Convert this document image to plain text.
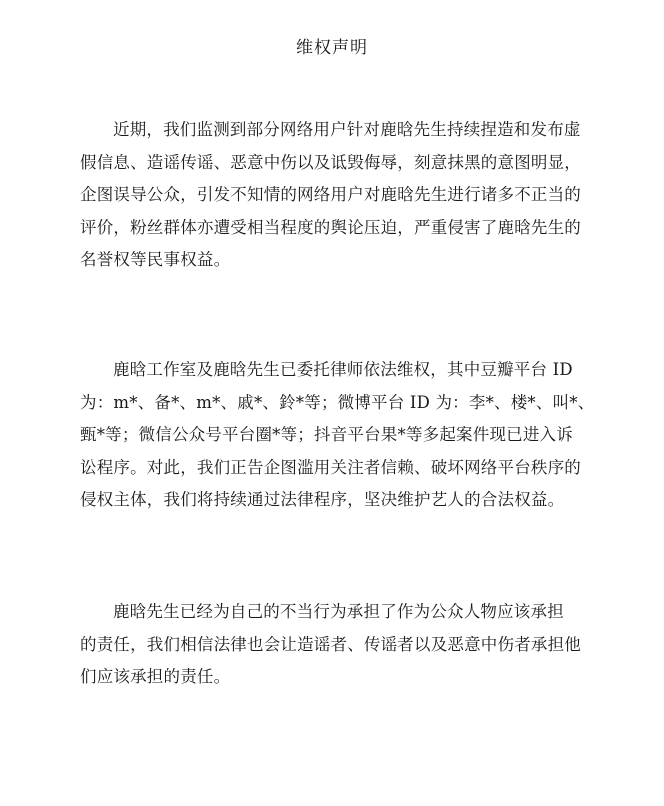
维权声明
近期，我们监测到部分网络用户针对鹿晗先生持续捏造和发布虚
假信息、造谣传谣、恶意中伤以及诋毁侮辱，刻意抹黑的意图明显，
企图误导公众，引发不知情的网络用户对鹿晗先生进行诸多不正当的
评价，粉丝群体亦遭受相当程度的舆论压迫，严重侵害了鹿晗先生的
名誉权等民事权益。
鹿晗工作室及鹿晗先生已委托律师依法维权，其中豆瓣平台 ID
为：m*、备*、m*、戚*、鈴*等；微博平台 ID 为：李*、楼*、叫*、
甄*等；微信公众号平台圈*等；抖音平台果*等多起案件现已进入诉
讼程序。对此，我们正告企图滥用关注者信赖、破坏网络平台秩序的
侵权主体，我们将持续通过法律程序，坚决维护艺人的合法权益。
鹿晗先生已经为自己的不当行为承担了作为公众人物应该承担
的责任，我们相信法律也会让造谣者、传谣者以及恶意中伤者承担他
们应该承担的责任。
